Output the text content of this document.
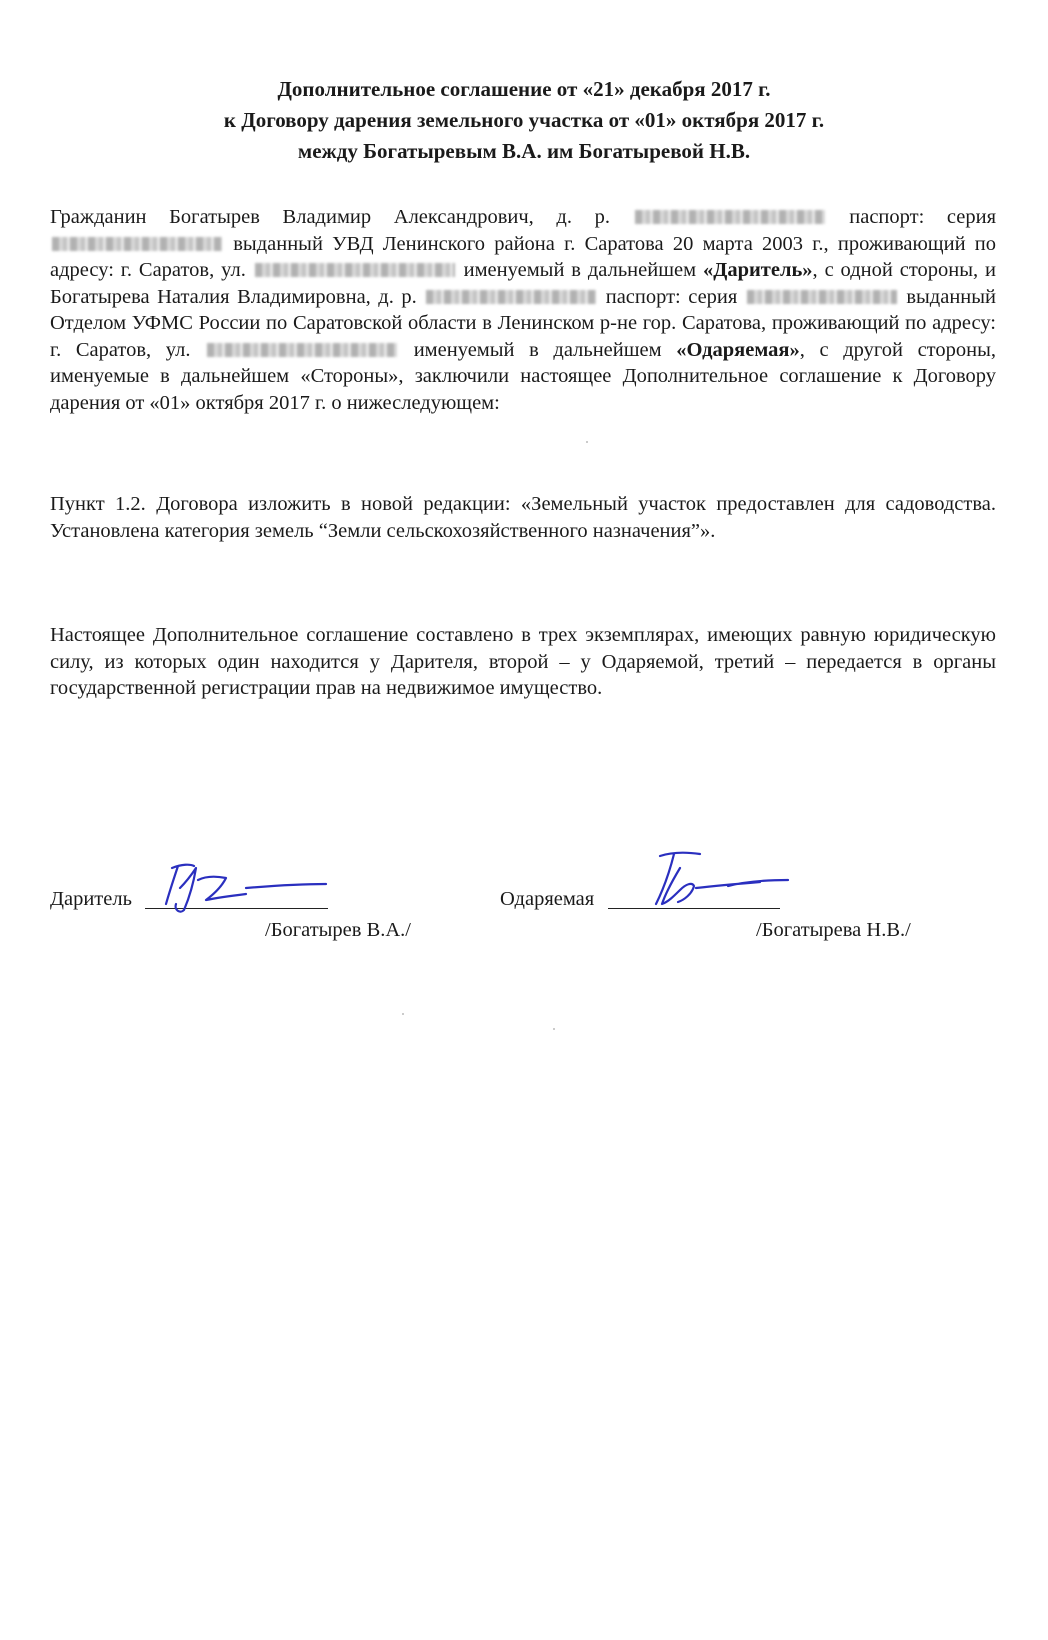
Дополнительное соглашение от «21» декабря 2017 г.
к Договору дарения земельного участка от «01» октября 2017 г.
между Богатыревым В.А. им Богатыревой Н.В.
Гражданин Богатырев Владимир Александрович, д. р.	паспорт: серия  выданный УВД Ленинского района г. Саратова 20 марта 2003 г., проживающий по адресу: г. Саратов, ул.	именуемый в дальнейшем «Даритель», с одной стороны, и Богатырева Наталия Владимировна, д. р.	паспорт: серия	выданный Отделом УФМС России по Саратовской области в Ленинском р-не гор. Саратова, проживающий по адресу: г. Саратов, ул.	именуемый в дальнейшем «Одаряемая», с другой стороны, именуемые в дальнейшем «Стороны», заключили настоящее Дополнительное соглашение к Договору дарения от «01» октября 2017 г. о нижеследующем:
Пункт 1.2. Договора изложить в новой редакции: «Земельный участок предоставлен для садоводства. Установлена категория земель “Земли сельскохозяйственного назначения”».
Настоящее Дополнительное соглашение составлено в трех экземплярах, имеющих равную юридическую силу, из которых один находится у Дарителя, второй – у Одаряемой, третий – передается в органы государственной регистрации прав на недвижимое имущество.
Даритель
/Богатырев В.А./
Одаряемая
/Богатырева Н.В./
